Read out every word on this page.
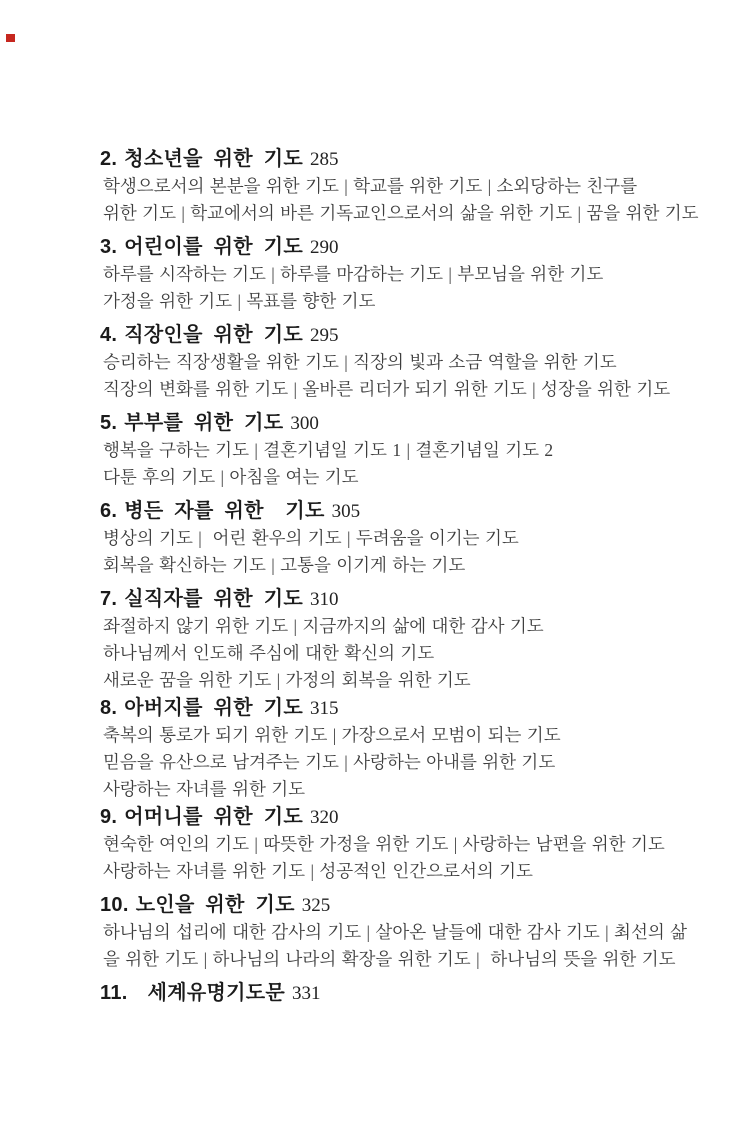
2. 청소년을 위한 기도 285
학생으로서의 본분을 위한 기도 | 학교를 위한 기도 | 소외당하는 친구를
위한 기도 | 학교에서의 바른 기독교인으로서의 삶을 위한 기도 | 꿈을 위한 기도
3. 어린이를 위한 기도 290
하루를 시작하는 기도 | 하루를 마감하는 기도 | 부모님을 위한 기도
가정을 위한 기도 | 목표를 향한 기도
4. 직장인을 위한 기도 295
승리하는 직장생활을 위한 기도 | 직장의 빛과 소금 역할을 위한 기도
직장의 변화를 위한 기도 | 올바른 리더가 되기 위한 기도 | 성장을 위한 기도
5. 부부를 위한 기도 300
행복을 구하는 기도 | 결혼기념일 기도 1 | 결혼기념일 기도 2
다툰 후의 기도 | 아침을 여는 기도
6. 병든 자를 위한  기도 305
병상의 기도 |  어린 환우의 기도 | 두려움을 이기는 기도
회복을 확신하는 기도 | 고통을 이기게 하는 기도
7. 실직자를 위한 기도 310
좌절하지 않기 위한 기도 | 지금까지의 삶에 대한 감사 기도
하나님께서 인도해 주심에 대한 확신의 기도
새로운 꿈을 위한 기도 | 가정의 회복을 위한 기도
8. 아버지를 위한 기도 315
축복의 통로가 되기 위한 기도 | 가장으로서 모범이 되는 기도
믿음을 유산으로 남겨주는 기도 | 사랑하는 아내를 위한 기도
사랑하는 자녀를 위한 기도
9. 어머니를 위한 기도 320
현숙한 여인의 기도 | 따뜻한 가정을 위한 기도 | 사랑하는 남편을 위한 기도
사랑하는 자녀를 위한 기도 | 성공적인 인간으로서의 기도
10. 노인을 위한 기도 325
하나님의 섭리에 대한 감사의 기도 | 살아온 날들에 대한 감사 기도 | 최선의 삶
을 위한 기도 | 하나님의 나라의 확장을 위한 기도 |  하나님의 뜻을 위한 기도
11. 세계유명기도문 331
